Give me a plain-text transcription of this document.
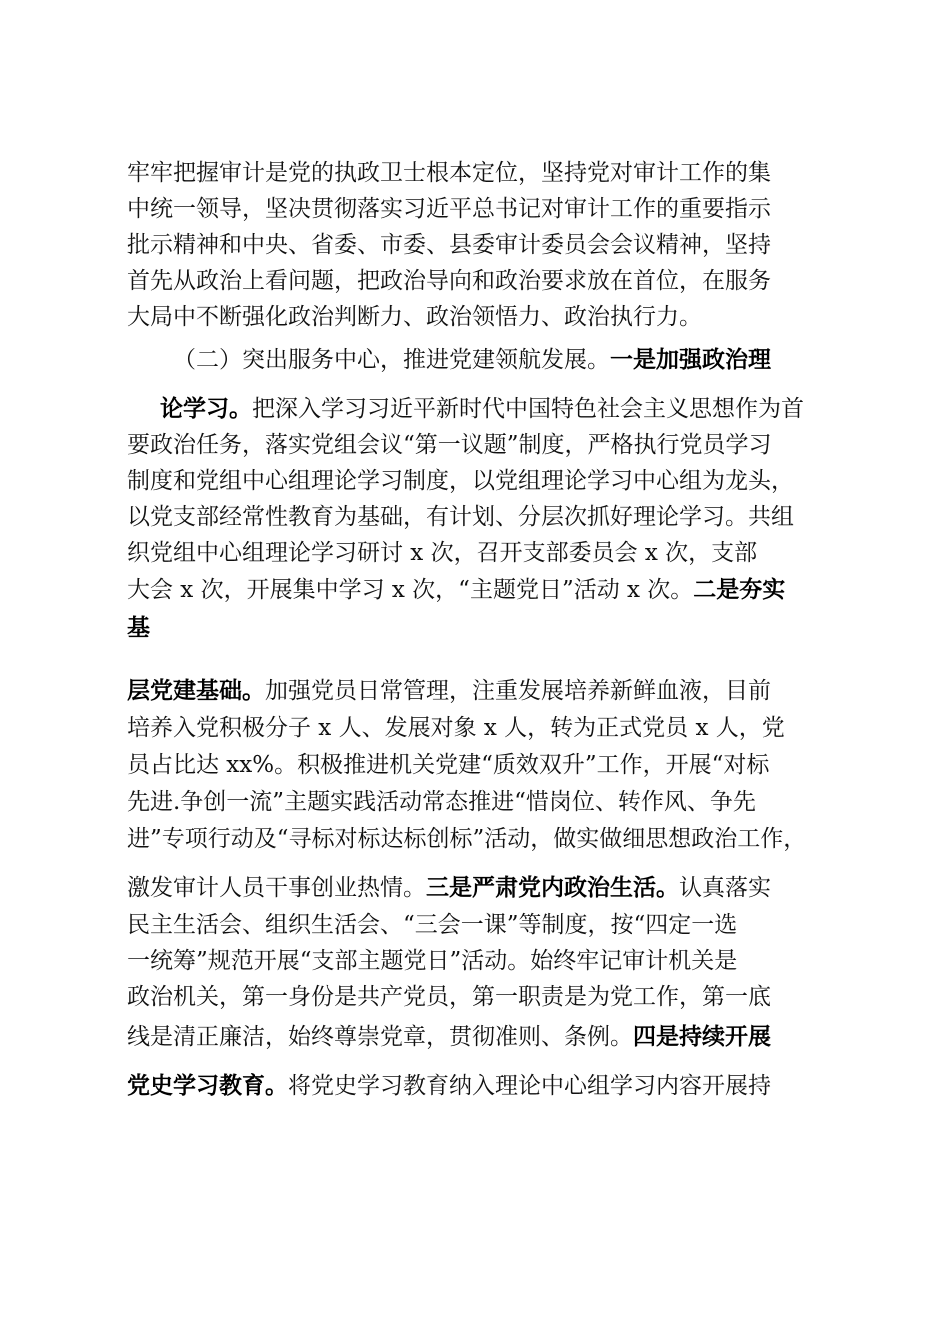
牢牢把握审计是党的执政卫士根本定位，坚持党对审计工作的集
中统一领导，坚决贯彻落实习近平总书记对审计工作的重要指示
批示精神和中央、省委、市委、县委审计委员会会议精神，坚持
首先从政治上看问题，把政治导向和政治要求放在首位，在服务
大局中不断强化政治判断力、政治领悟力、政治执行力。
（二）突出服务中心，推进党建领航发展。一是加强政治理
论学习。把深入学习习近平新时代中国特色社会主义思想作为首
要政治任务，落实党组会议“第一议题”制度，严格执行党员学习
制度和党组中心组理论学习制度，以党组理论学习中心组为龙头，
以党支部经常性教育为基础，有计划、分层次抓好理论学习。共组
织党组中心组理论学习研讨 x 次，召开支部委员会 x 次，支部
大会 x 次，开展集中学习 x 次，“主题党日”活动 x 次。二是夯实
基
层党建基础。加强党员日常管理，注重发展培养新鲜血液，目前
培养入党积极分子 x 人、发展对象 x 人，转为正式党员 x 人，党
员占比达 xx%。积极推进机关党建“质效双升”工作，开展“对标
先进.争创一流”主题实践活动常态推进“惜岗位、转作风、争先
进”专项行动及“寻标对标达标创标”活动，做实做细思想政治工作，
激发审计人员干事创业热情。三是严肃党内政治生活。认真落实
民主生活会、组织生活会、“三会一课”等制度，按“四定一选
一统筹”规范开展“支部主题党日”活动。始终牢记审计机关是
政治机关，第一身份是共产党员，第一职责是为党工作，第一底
线是清正廉洁，始终尊崇党章，贯彻准则、条例。四是持续开展
党史学习教育。将党史学习教育纳入理论中心组学习内容开展持
